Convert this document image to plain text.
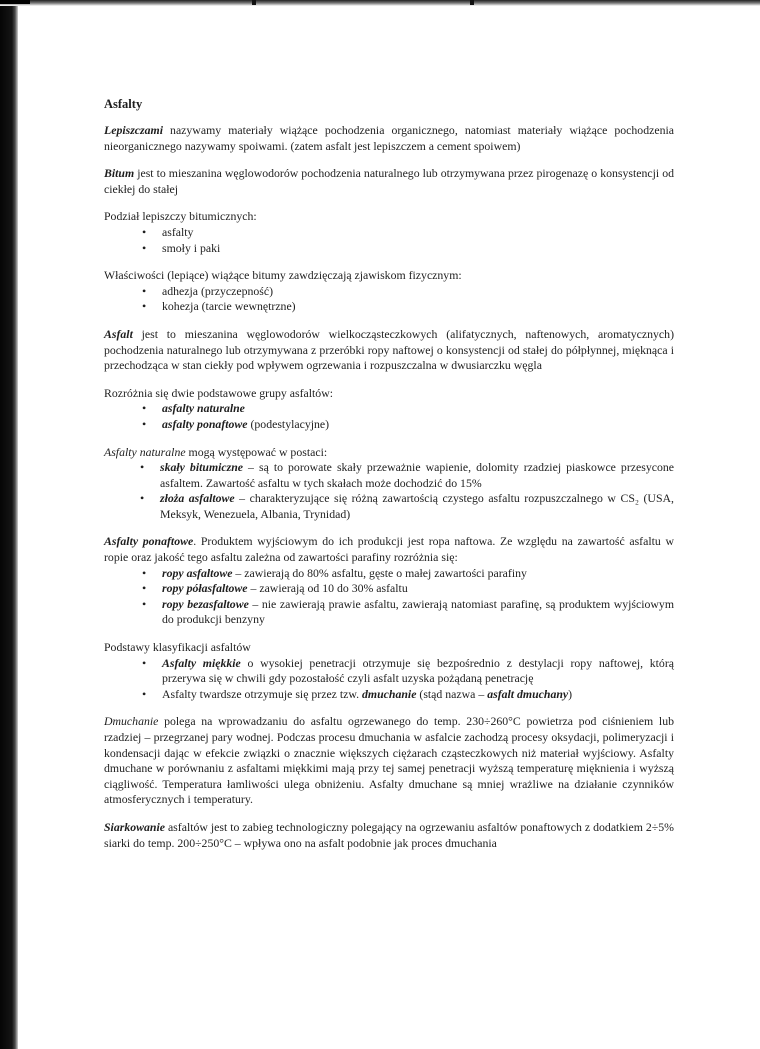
Asfalty

Lepiszczami nazywamy materiały wiążące pochodzenia organicznego, natomiast materiały wiążące pochodzenia nieorganicznego nazywamy spoiwami. (zatem asfalt jest lepiszczem a cement spoiwem)

Bitum jest to mieszanina węglowodorów pochodzenia naturalnego lub otrzymywana przez pirogenazę o konsystencji od ciekłej do stałej

Podział lepiszczy bitumicznych:

• asfalty
• smoły i paki

Właściwości (lepiące) wiążące bitumy zawdzięczają zjawiskom fizycznym:

• adhezja (przyczepność)
• kohezja (tarcie wewnętrzne)

Asfalt jest to mieszanina węglowodorów wielkocząsteczkowych (alifatycznych, naftenowych, aromatycznych) pochodzenia naturalnego lub otrzymywana z przeróbki ropy naftowej o konsystencji od stałej do półpłynnej, mięknąca i przechodząca w stan ciekły pod wpływem ogrzewania i rozpuszczalna w dwusiarczku węgla

Rozróżnia się dwie podstawowe grupy asfaltów:

• asfalty naturalne
• asfalty ponaftowe (podestylacyjne)

Asfalty naturalne mogą występować w postaci:

• skały bitumiczne – są to porowate skały przeważnie wapienie, dolomity rzadziej piaskowce przesycone asfaltem. Zawartość asfaltu w tych skałach może dochodzić do 15%
• złoża asfaltowe – charakteryzujące się różną zawartością czystego asfaltu rozpuszczalnego w CS₂ (USA, Meksyk, Wenezuela, Albania, Trynidad)

Asfalty ponaftowe. Produktem wyjściowym do ich produkcji jest ropa naftowa. Ze względu na zawartość asfaltu w ropie oraz jakość tego asfaltu zależna od zawartości parafiny rozróżnia się:

• ropy asfaltowe – zawierają do 80% asfaltu, gęste o małej zawartości parafiny
• ropy półasfaltowe – zawierają od 10 do 30% asfaltu
• ropy bezasfaltowe – nie zawierają prawie asfaltu, zawierają natomiast parafinę, są produktem wyjściowym do produkcji benzyny

Podstawy klasyfikacji asfaltów

• Asfalty miękkie o wysokiej penetracji otrzymuje się bezpośrednio z destylacji ropy naftowej, którą przerywa się w chwili gdy pozostałość czyli asfalt uzyska pożądaną penetrację
• Asfalty twardsze otrzymuje się przez tzw. dmuchanie (stąd nazwa – asfalt dmuchany)

Dmuchanie polega na wprowadzaniu do asfaltu ogrzewanego do temp. 230÷260°C powietrza pod ciśnieniem lub rzadziej – przegrzanej pary wodnej. Podczas procesu dmuchania w asfalcie zachodzą procesy oksydacji, polimeryzacji i kondensacji dając w efekcie związki o znacznie większych ciężarach cząsteczkowych niż materiał wyjściowy. Asfalty dmuchane w porównaniu z asfaltami miękkimi mają przy tej samej penetracji wyższą temperaturę mięknienia i wyższą ciągliwość. Temperatura łamliwości ulega obniżeniu. Asfalty dmuchane są mniej wrażliwe na działanie czynników atmosferycznych i temperatury.

Siarkowanie asfaltów jest to zabieg technologiczny polegający na ogrzewaniu asfaltów ponaftowych z dodatkiem 2÷5% siarki do temp. 200÷250°C – wpływa ono na asfalt podobnie jak proces dmuchania
